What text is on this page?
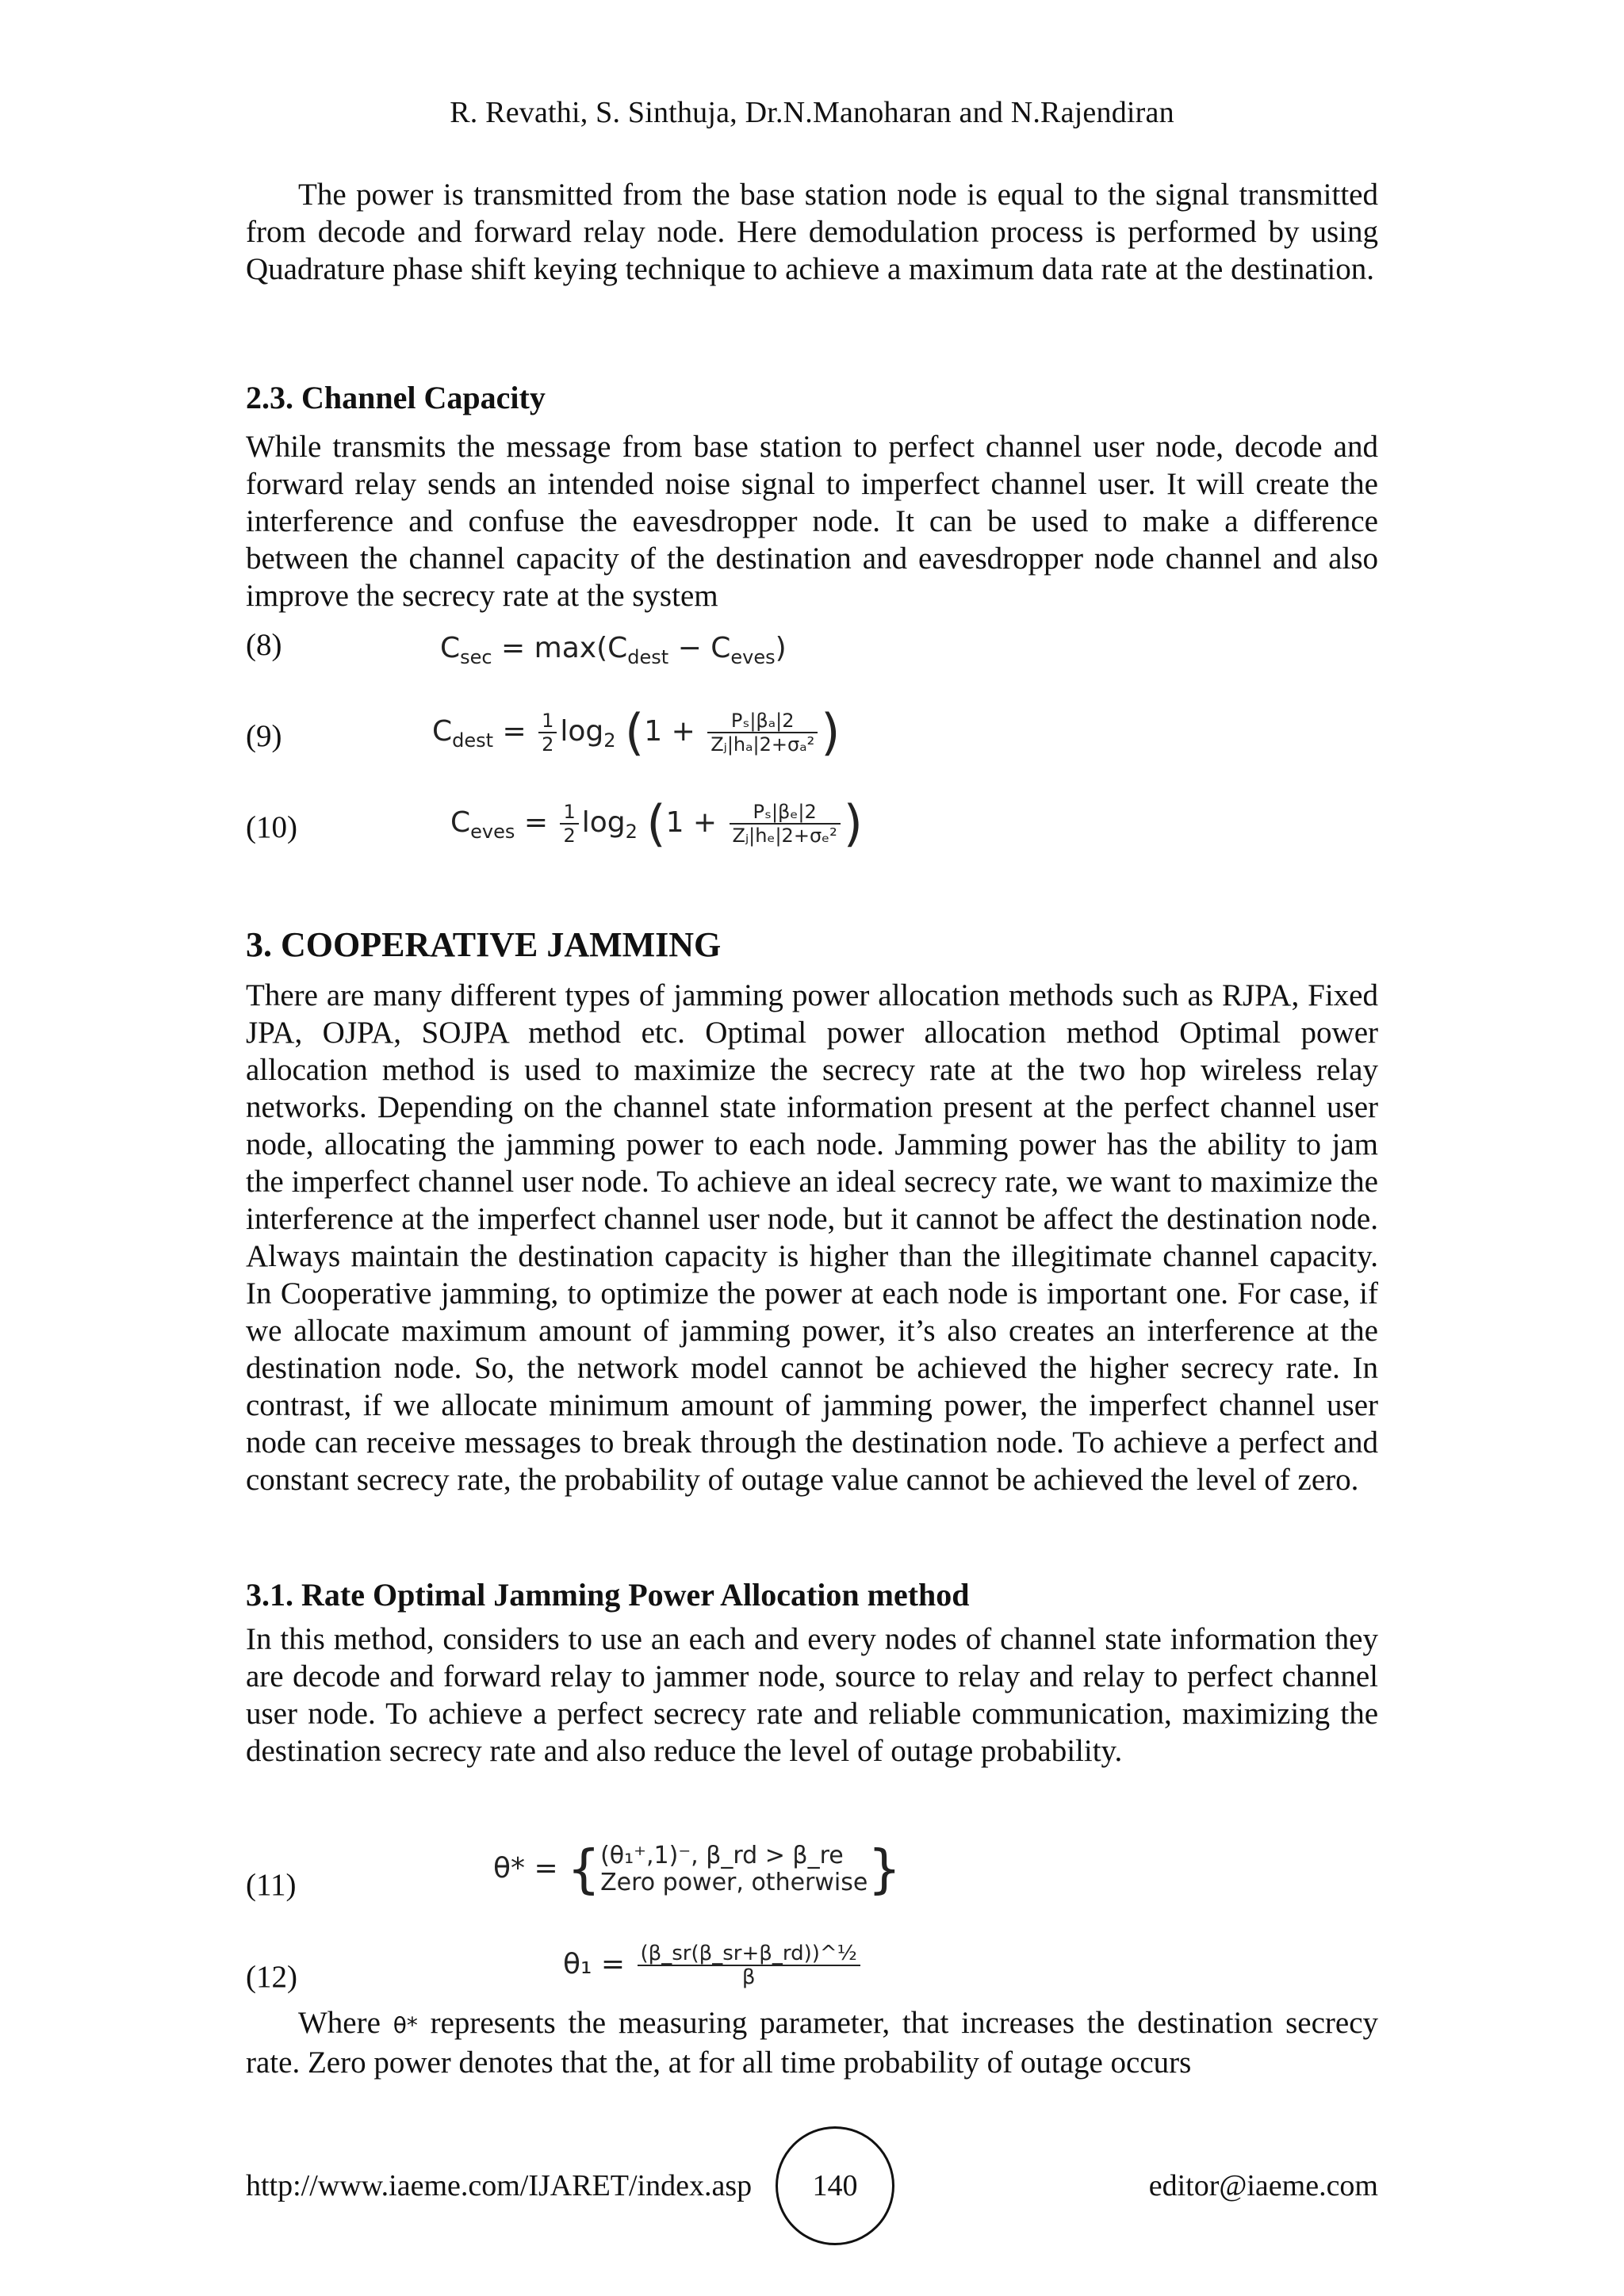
R. Revathi, S. Sinthuja, Dr.N.Manoharan and N.Rajendiran

The power is transmitted from the base station node is equal to the signal transmitted from decode and forward relay node. Here demodulation process is performed by using Quadrature phase shift keying technique to achieve a maximum data rate at the destination.

2.3. Channel Capacity

While transmits the message from base station to perfect channel user node, decode and forward relay sends an intended noise signal to imperfect channel user. It will create the interference and confuse the eavesdropper node. It can be used to make a difference between the channel capacity of the destination and eavesdropper node channel and also improve the secrecy rate at the system

(8)	$C_{sec} = \max(C_{dest} - C_{eves})$
(9)	$C_{dest} = \frac{1}{2} \log_2 (1 + \frac{\text{Pₛ|βₐ|2}}{\text{Zⱼ|hₐ|2+σₐ²}}$ )
(10)	$C_{eves} = \frac{1}{2} \log_2 (1 + \frac{\text{Pₛ|βₑ|2}}{\text{Zⱼ|hₑ|2+σₑ²}}$ )
3. COOPERATIVE JAMMING

There are many different types of jamming power allocation methods such as RJPA, Fixed JPA, OJPA, SOJPA method etc. Optimal power allocation method Optimal power allocation method is used to maximize the secrecy rate at the two hop wireless relay networks. Depending on the channel state information present at the perfect channel user node, allocating the jamming power to each node. Jamming power has the ability to jam the imperfect channel user node. To achieve an ideal secrecy rate, we want to maximize the interference at the imperfect channel user node, but it cannot be affect the destination node. Always maintain the destination capacity is higher than the illegitimate channel capacity. In Cooperative jamming, to optimize the power at each node is important one. For case, if we allocate maximum amount of jamming power, it’s also creates an interference at the destination node. So, the network model cannot be achieved the higher secrecy rate. In contrast, if we allocate minimum amount of jamming power, the imperfect channel user node can receive messages to break through the destination node. To achieve a perfect and constant secrecy rate, the probability of outage value cannot be achieved the level of zero.

3.1. Rate Optimal Jamming Power Allocation method

In this method, considers to use an each and every nodes of channel state information they are decode and forward relay to jammer node, source to relay and relay to perfect channel user node. To achieve a perfect secrecy rate and reliable communication, maximizing the destination secrecy rate and also reduce the level of outage probability.

(11)	θ* = { (θ₁⁺,1)⁻, β_rd > β_re
Zero power, otherwise }
(12)	$\theta_1 = \frac{\text{(β\_sr(β\_sr+β\_rd))\textasciicircum{}½}}{\beta}$

Where θ* represents the measuring parameter, that increases the destination secrecy rate. Zero power denotes that the, at for all time probability of outage occurs

http://www.iaeme.com/IJARET/index.asp	140	editor@iaeme.com
